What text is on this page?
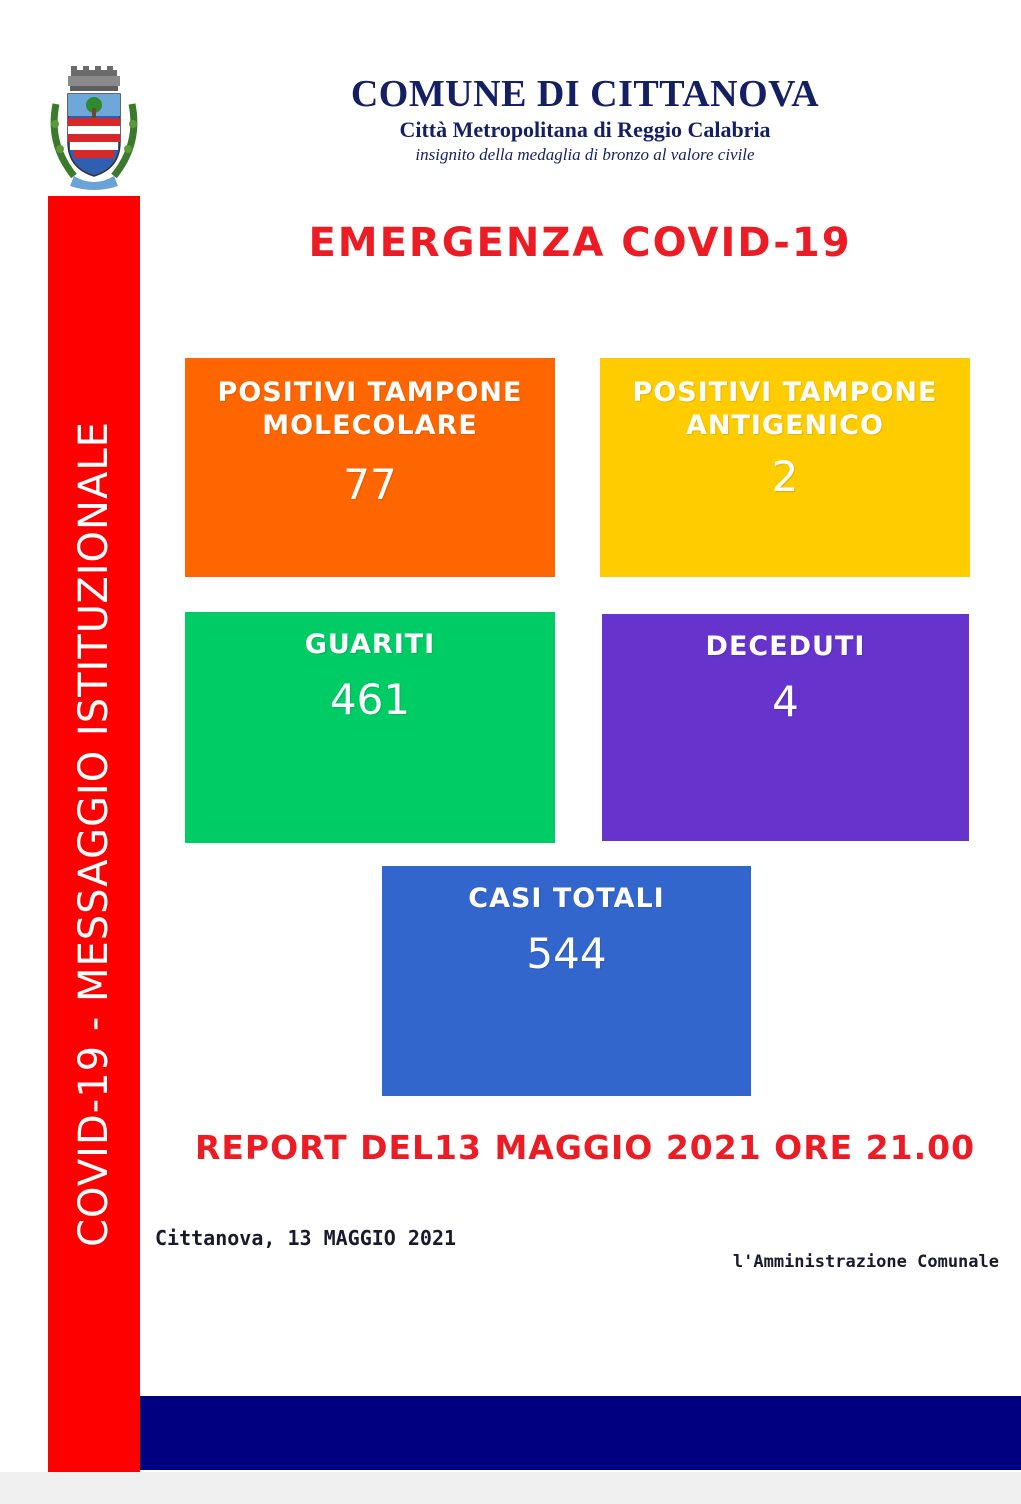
COVID-19 - MESSAGGIO ISTITUZIONALE
COMUNE DI CITTANOVA
Città Metropolitana di Reggio Calabria
insignito della medaglia di bronzo al valore civile
EMERGENZA COVID-19
POSITIVI TAMPONE
MOLECOLARE
77
POSITIVI TAMPONE
ANTIGENICO
2
GUARITI
461
DECEDUTI
4
CASI TOTALI
544
REPORT DEL13 MAGGIO 2021 ORE 21.00
Cittanova, 13 MAGGIO 2021
l'Amministrazione Comunale
